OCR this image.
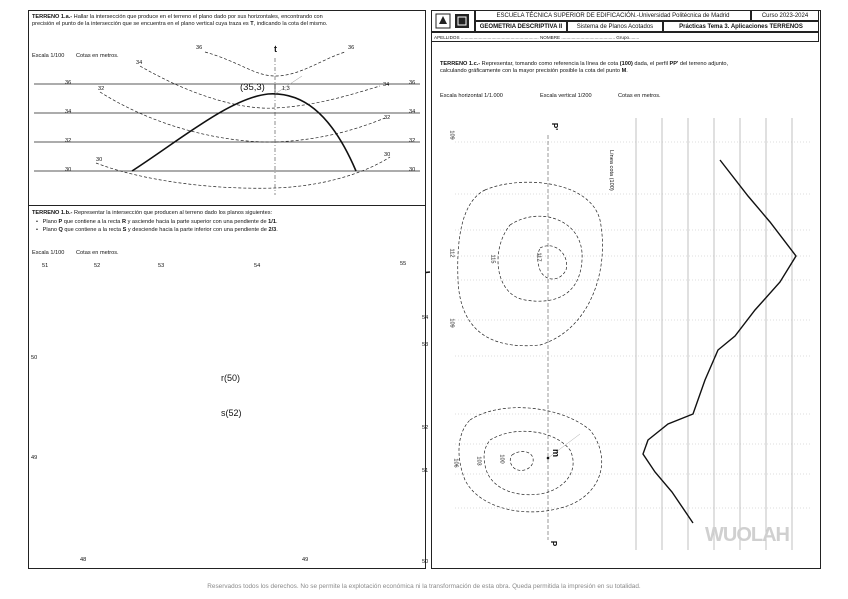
TERRENO 1.a.- Hallar la intersección que produce en el terreno el plano dado por sus horizontales, encontrando con
precisión el punto de la intersección que se encuentra en el plano vertical cuya traza es T, indicando la cota del mismo.
Escala 1/100 Cotas en metros.
36	t	36
34
32
30
34
32
30
36
34
32
30
36
34
32
30
(35,3)	1,3
TERRENO 1.b.- Representar la intersección que producen al terreno dado los planos siguientes:
•   Plano P que contiene a la recta R y asciende hacia la parte superior con una pendiente de 1/1.
•   Plano Q que contiene a la recta S y desciende hacia la parte inferior con una pendiente de 2/3.
Escala 1/100 Cotas en metros.
51	52	53	54	55
54
53
52
51
50
50
49
48	49
r(50)
s(52)
ESCUELA TÉCNICA SUPERIOR DE EDIFICACIÓN.-Universidad Politécnica de Madrid	Curso 2023-2024
GEOMETRIA DESCRIPTIVA II	Sistema de Planos Acotados	Prácticas Tema 3. Aplicaciones TERRENOS
APELLIDOS .............................................................
NOMBRE ..........................................
Grupo........
TERRENO 1.c.- Representar, tomando como referencia la línea de cota (100) dada, el perfil PP' del terreno adjunto,
calculando gráficamente con la mayor precisión posible la cota del punto M.
Escala horizontal 1/1.000	Escala vertical 1/200	Cotas en metros.
P'
P
m
Línea cota (100)
109
112
115	117
109
106	103	100
WUOLAH
Reservados todos los derechos. No se permite la explotación económica ni la transformación de esta obra. Queda permitida la impresión en su totalidad.
